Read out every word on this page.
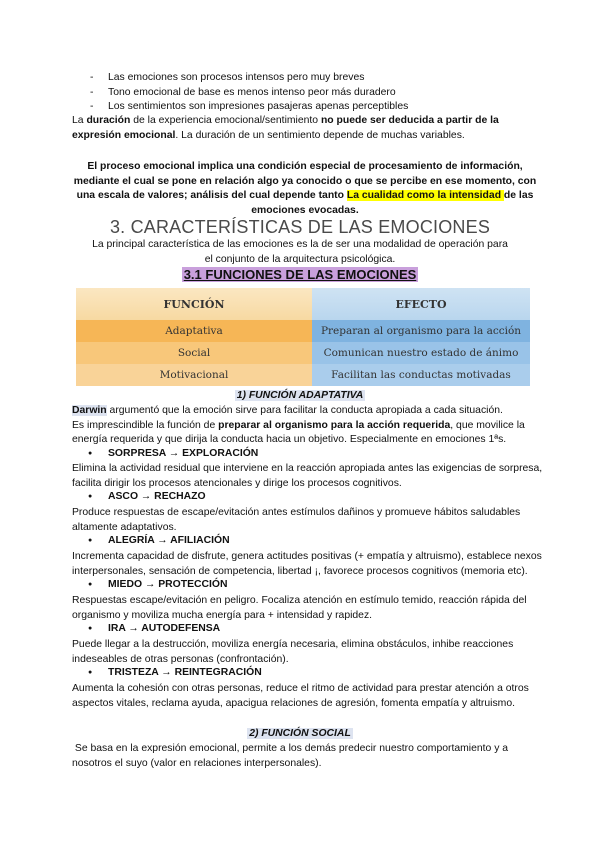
- Las emociones son procesos intensos pero muy breves
- Tono emocional de base es menos intenso peor más duradero
- Los sentimientos son impresiones pasajeras apenas perceptibles
La duración de la experiencia emocional/sentimiento no puede ser deducida a partir de la
expresión emocional. La duración de un sentimiento depende de muchas variables.
El proceso emocional implica una condición especial de procesamiento de información,
mediante el cual se pone en relación algo ya conocido o que se percibe en ese momento, con
una escala de valores; análisis del cual depende tanto La cualidad como la intensidad de las
emociones evocadas.
3. CARACTERÍSTICAS DE LAS EMOCIONES
La principal característica de las emociones es la de ser una modalidad de operación para
el conjunto de la arquitectura psicológica.
3.1 FUNCIONES DE LAS EMOCIONES
FUNCIÓN	EFECTO
Adaptativa	Preparan al organismo para la acción
Social	Comunican nuestro estado de ánimo
Motivacional	Facilitan las conductas motivadas
1) FUNCIÓN ADAPTATIVA
Darwin argumentó que la emoción sirve para facilitar la conducta apropiada a cada situación.
Es imprescindible la función de preparar al organismo para la acción requerida, que movilice la
energía requerida y que dirija la conducta hacia un objetivo. Especialmente en emociones 1ªs.
● SORPRESA → EXPLORACIÓN
Elimina la actividad residual que interviene en la reacción apropiada antes las exigencias de sorpresa,
facilita dirigir los procesos atencionales y dirige los procesos cognitivos.
● ASCO → RECHAZO
Produce respuestas de escape/evitación antes estímulos dañinos y promueve hábitos saludables
altamente adaptativos.
● ALEGRÍA → AFILIACIÓN
Incrementa capacidad de disfrute, genera actitudes positivas (+ empatía y altruismo), establece nexos
interpersonales, sensación de competencia, libertad ¡, favorece procesos cognitivos (memoria etc).
● MIEDO → PROTECCIÓN
Respuestas escape/evitación en peligro. Focaliza atención en estímulo temido, reacción rápida del
organismo y moviliza mucha energía para + intensidad y rapidez.
● IRA → AUTODEFENSA
Puede llegar a la destrucción, moviliza energía necesaria, elimina obstáculos, inhibe reacciones
indeseables de otras personas (confrontación).
● TRISTEZA → REINTEGRACIÓN
Aumenta la cohesión con otras personas, reduce el ritmo de actividad para prestar atención a otros
aspectos vitales, reclama ayuda, apacigua relaciones de agresión, fomenta empatía y altruismo.
2) FUNCIÓN SOCIAL
Se basa en la expresión emocional, permite a los demás predecir nuestro comportamiento y a
nosotros el suyo (valor en relaciones interpersonales).
